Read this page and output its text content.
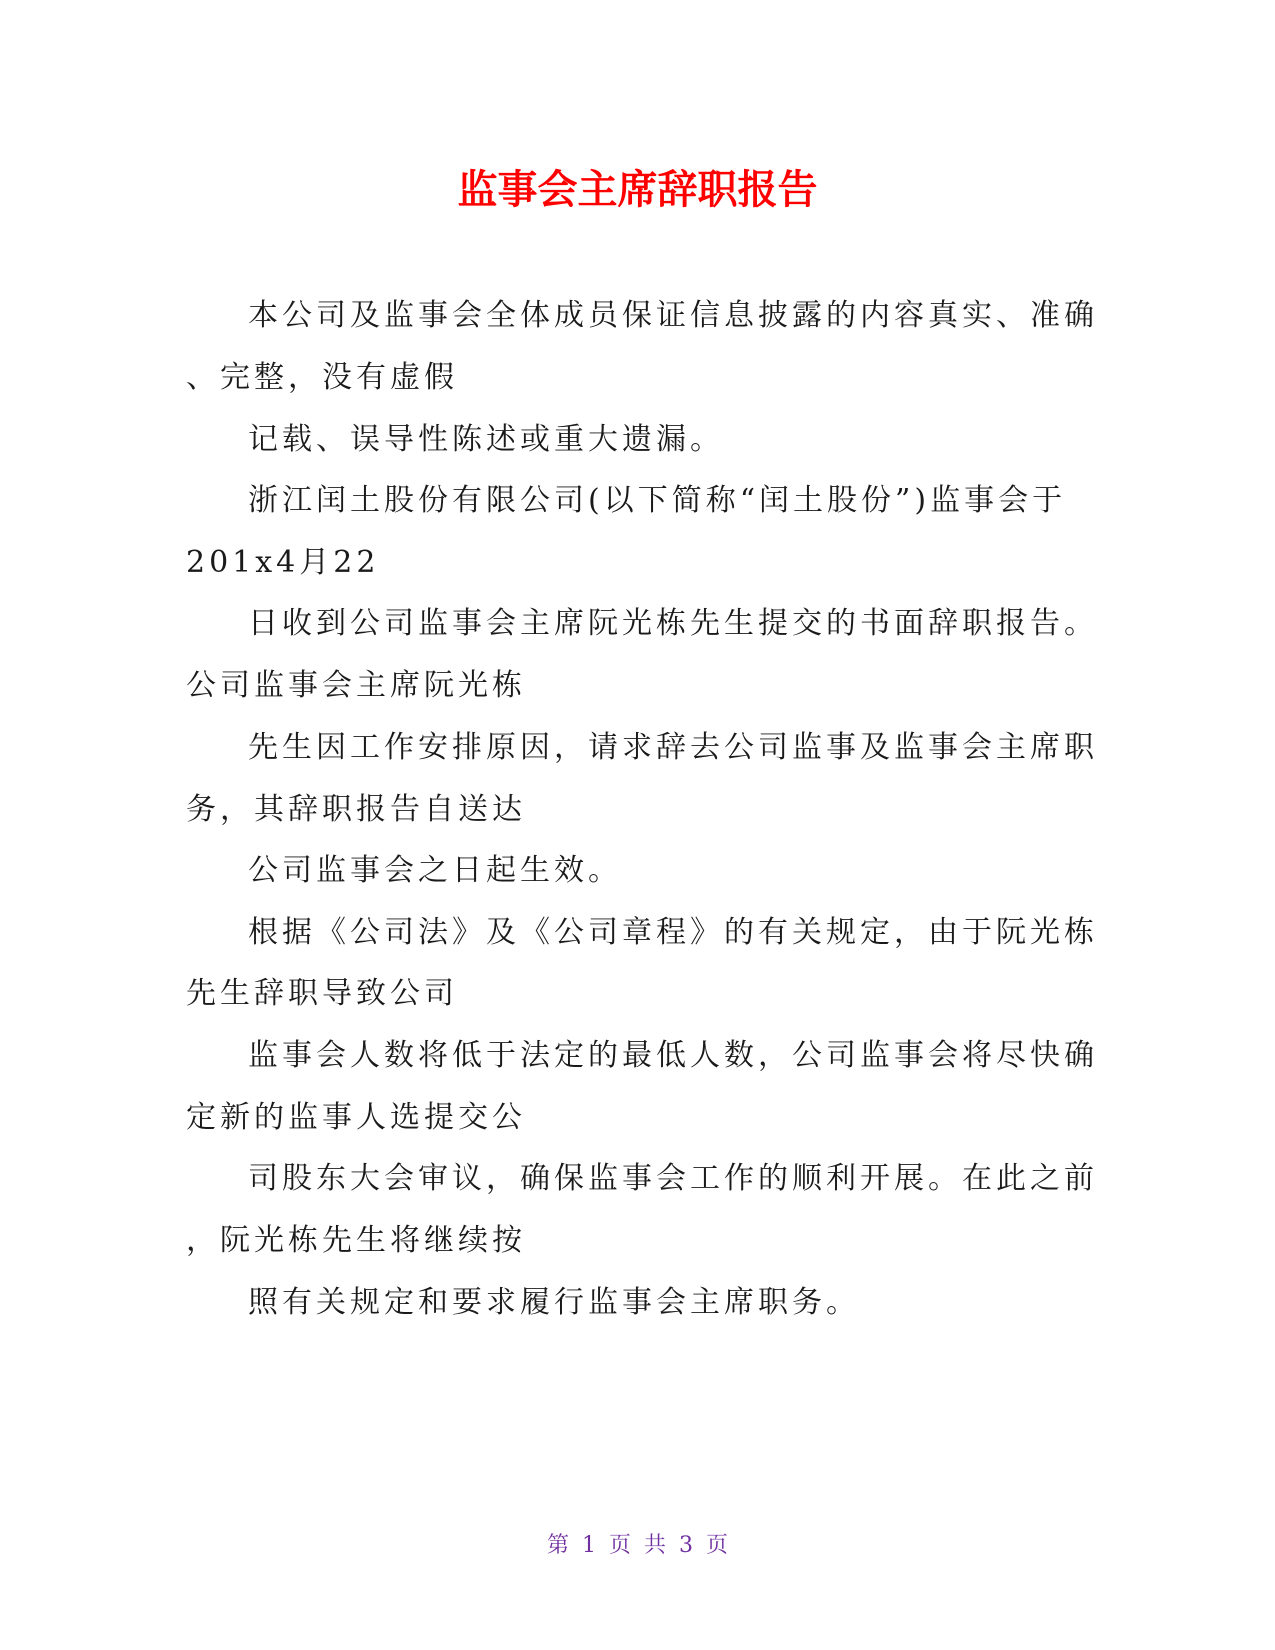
监事会主席辞职报告
本公司及监事会全体成员保证信息披露的内容真实、准确
、完整，没有虚假
记载、误导性陈述或重大遗漏。
浙江闰土股份有限公司(以下简称“闰土股份”)监事会于
201x4月22
日收到公司监事会主席阮光栋先生提交的书面辞职报告。
公司监事会主席阮光栋
先生因工作安排原因，请求辞去公司监事及监事会主席职
务，其辞职报告自送达
公司监事会之日起生效。
根据《公司法》及《公司章程》的有关规定，由于阮光栋
先生辞职导致公司
监事会人数将低于法定的最低人数，公司监事会将尽快确
定新的监事人选提交公
司股东大会审议，确保监事会工作的顺利开展。在此之前
，阮光栋先生将继续按
照有关规定和要求履行监事会主席职务。
第 1 页 共 3 页
